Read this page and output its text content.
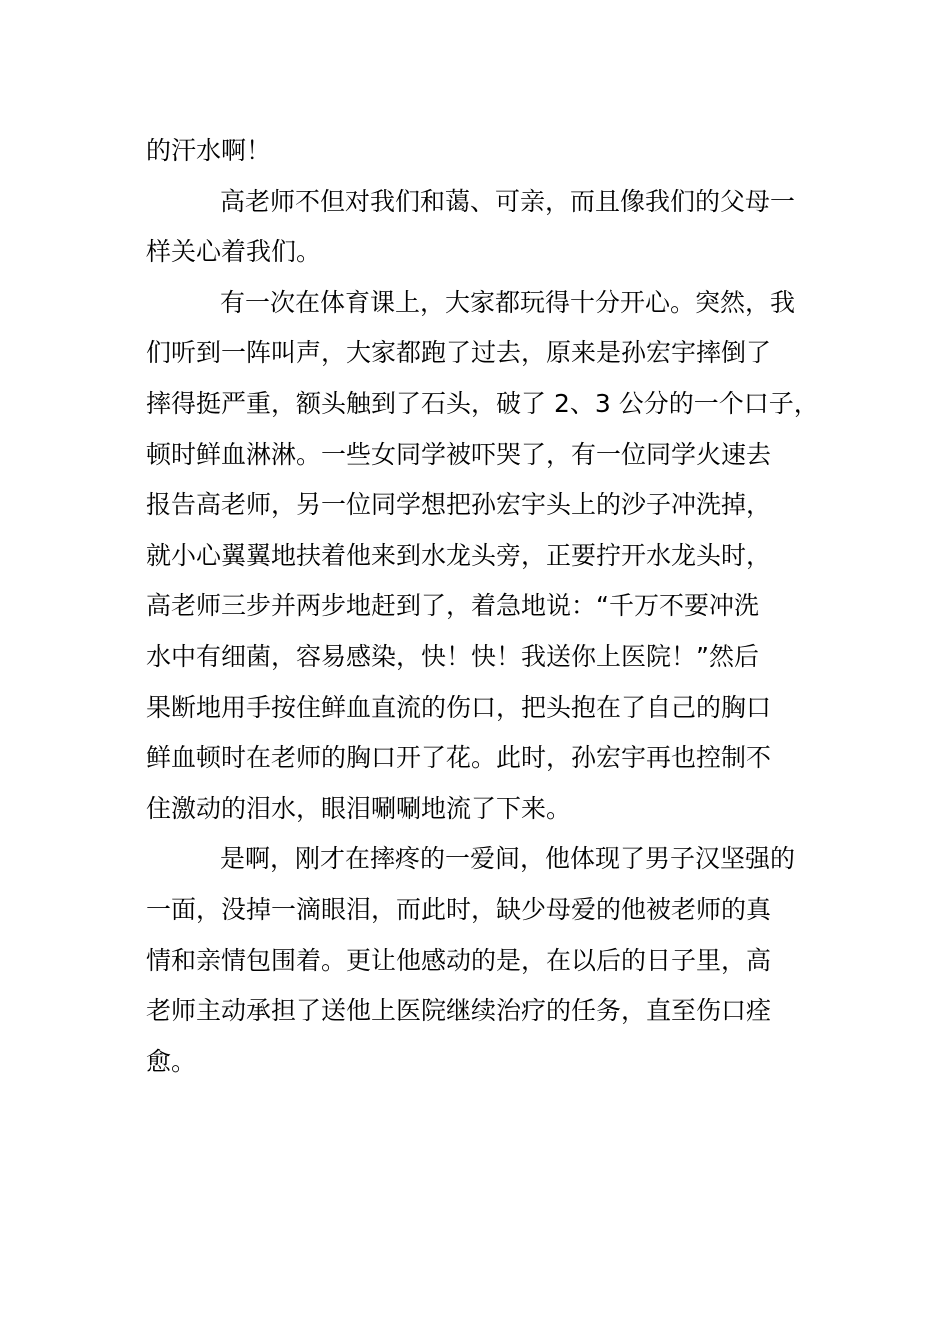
的汗水啊！
高老师不但对我们和蔼、可亲，而且像我们的父母一
样关心着我们。
有一次在体育课上，大家都玩得十分开心。突然，我
们听到一阵叫声，大家都跑了过去，原来是孙宏宇摔倒了
摔得挺严重，额头触到了石头，破了 2、3 公分的一个口子，
顿时鲜血淋淋。一些女同学被吓哭了，有一位同学火速去
报告高老师，另一位同学想把孙宏宇头上的沙子冲洗掉，
就小心翼翼地扶着他来到水龙头旁，正要拧开水龙头时，
高老师三步并两步地赶到了，着急地说：“千万不要冲洗
水中有细菌，容易感染，快！快！我送你上医院！”然后
果断地用手按住鲜血直流的伤口，把头抱在了自己的胸口
鲜血顿时在老师的胸口开了花。此时，孙宏宇再也控制不
住激动的泪水，眼泪唰唰地流了下来。
是啊，刚才在摔疼的一爱间，他体现了男子汉坚强的
一面，没掉一滴眼泪，而此时，缺少母爱的他被老师的真
情和亲情包围着。更让他感动的是，在以后的日子里，高
老师主动承担了送他上医院继续治疗的任务，直至伤口痊
愈。
